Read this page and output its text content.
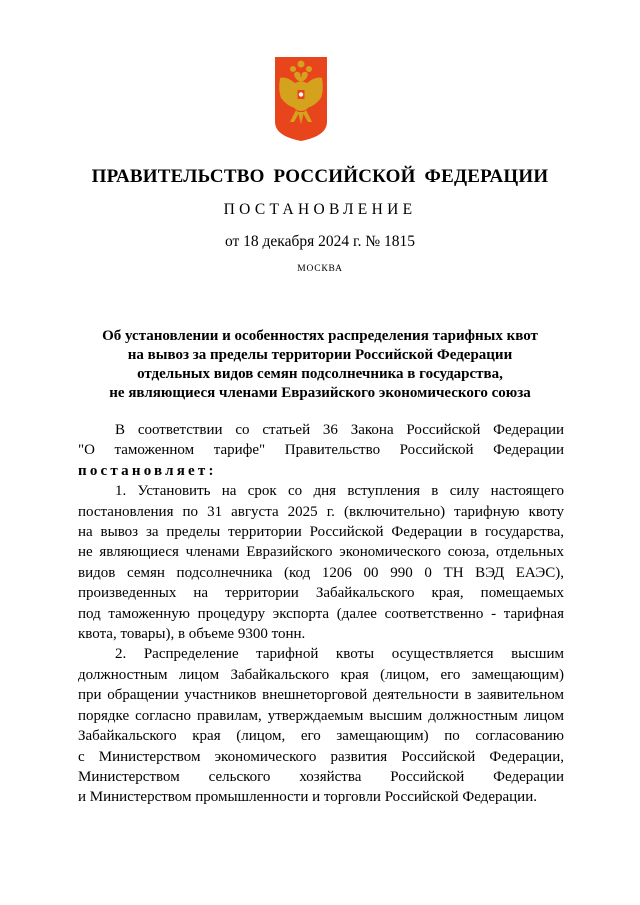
ПРАВИТЕЛЬСТВО РОССИЙСКОЙ ФЕДЕРАЦИИ
ПОСТАНОВЛЕНИЕ
от 18 декабря 2024 г. № 1815
МОСКВА
Об установлении и особенностях распределения тарифных квот
на вывоз за пределы территории Российской Федерации
отдельных видов семян подсолнечника в государства,
не являющиеся членами Евразийского экономического союза
В соответствии со статьей 36 Закона Российской Федерации
"О таможенном тарифе" Правительство Российской Федерации
постановляет:
1. Установить на срок со дня вступления в силу настоящего
постановления по 31 августа 2025 г. (включительно) тарифную квоту
на вывоз за пределы территории Российской Федерации в государства,
не являющиеся членами Евразийского экономического союза, отдельных
видов семян подсолнечника (код 1206 00 990 0 ТН ВЭД ЕАЭС),
произведенных на территории Забайкальского края, помещаемых
под таможенную процедуру экспорта (далее соответственно - тарифная
квота, товары), в объеме 9300 тонн.
2. Распределение тарифной квоты осуществляется высшим
должностным лицом Забайкальского края (лицом, его замещающим)
при обращении участников внешнеторговой деятельности в заявительном
порядке согласно правилам, утверждаемым высшим должностным лицом
Забайкальского края (лицом, его замещающим) по согласованию
с Министерством экономического развития Российской Федерации,
Министерством сельского хозяйства Российской Федерации
и Министерством промышленности и торговли Российской Федерации.
